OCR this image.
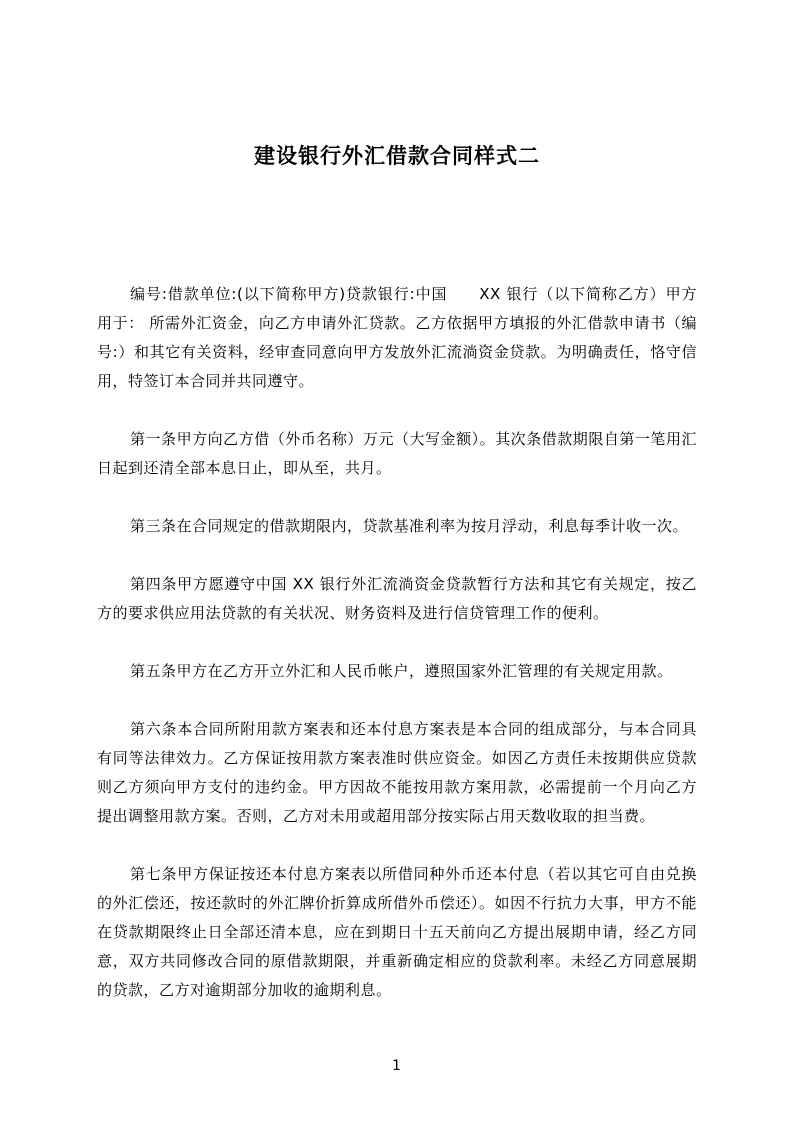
建设银行外汇借款合同样式二

编号:借款单位:(以下简称甲方)贷款银行:中国　　XX 银行（以下简称乙方）甲方用于： 所需外汇资金，向乙方申请外汇贷款。乙方依据甲方填报的外汇借款申请书（编号:）和其它有关资料，经审查同意向甲方发放外汇流淌资金贷款。为明确责任，恪守信用，特签订本合同并共同遵守。

第一条甲方向乙方借（外币名称）万元（大写金额）。其次条借款期限自第一笔用汇日起到还清全部本息日止，即从至，共月。

第三条在合同规定的借款期限内，贷款基准利率为按月浮动，利息每季计收一次。

第四条甲方愿遵守中国 XX 银行外汇流淌资金贷款暂行方法和其它有关规定，按乙方的要求供应用法贷款的有关状况、财务资料及进行信贷管理工作的便利。

第五条甲方在乙方开立外汇和人民币帐户，遵照国家外汇管理的有关规定用款。

第六条本合同所附用款方案表和还本付息方案表是本合同的组成部分，与本合同具有同等法律效力。乙方保证按用款方案表准时供应资金。如因乙方责任未按期供应贷款则乙方须向甲方支付的违约金。甲方因故不能按用款方案用款，必需提前一个月向乙方提出调整用款方案。否则，乙方对未用或超用部分按实际占用天数收取的担当费。

第七条甲方保证按还本付息方案表以所借同种外币还本付息（若以其它可自由兑换的外汇偿还，按还款时的外汇牌价折算成所借外币偿还）。如因不行抗力大事，甲方不能在贷款期限终止日全部还清本息，应在到期日十五天前向乙方提出展期申请，经乙方同意，双方共同修改合同的原借款期限，并重新确定相应的贷款利率。未经乙方同意展期的贷款，乙方对逾期部分加收的逾期利息。

1
